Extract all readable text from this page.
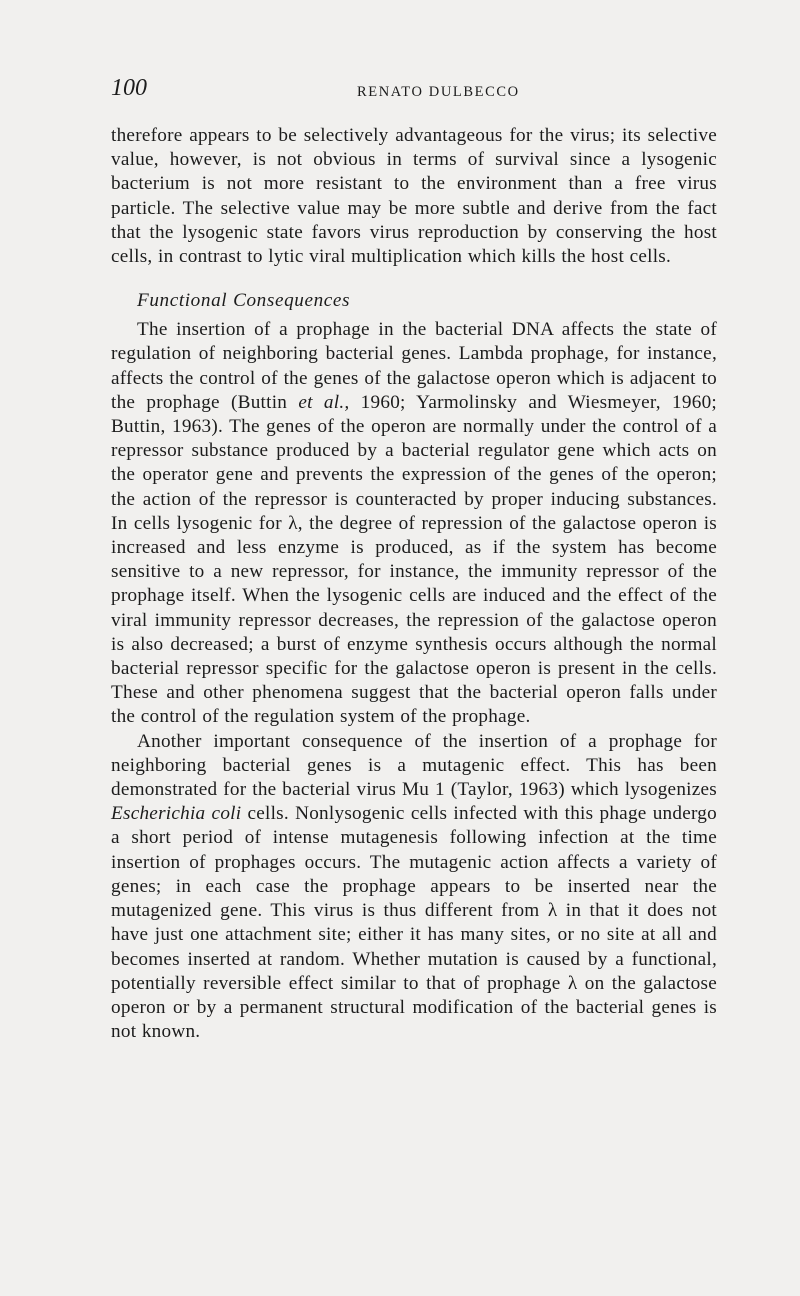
100	RENATO DULBECCO

therefore appears to be selectively advantageous for the virus; its selective value, however, is not obvious in terms of survival since a lysogenic bacterium is not more resistant to the environment than a free virus particle. The selective value may be more subtle and derive from the fact that the lysogenic state favors virus reproduction by conserving the host cells, in contrast to lytic viral multiplication which kills the host cells.

Functional Consequences

The insertion of a prophage in the bacterial DNA affects the state of regulation of neighboring bacterial genes. Lambda prophage, for instance, affects the control of the genes of the galactose operon which is adjacent to the prophage (Buttin et al., 1960; Yarmolinsky and Wiesmeyer, 1960; Buttin, 1963). The genes of the operon are normally under the control of a repressor substance produced by a bacterial regulator gene which acts on the operator gene and prevents the expression of the genes of the operon; the action of the repressor is counteracted by proper inducing substances. In cells lysogenic for λ, the degree of repression of the galactose operon is increased and less enzyme is produced, as if the system has become sensitive to a new repressor, for instance, the immunity repressor of the prophage itself. When the lysogenic cells are induced and the effect of the viral immunity repressor decreases, the repression of the galactose operon is also decreased; a burst of enzyme synthesis occurs although the normal bacterial repressor specific for the galactose operon is present in the cells. These and other phenomena suggest that the bacterial operon falls under the control of the regulation system of the prophage.

Another important consequence of the insertion of a prophage for neighboring bacterial genes is a mutagenic effect. This has been demonstrated for the bacterial virus Mu 1 (Taylor, 1963) which lysogenizes Escherichia coli cells. Nonlysogenic cells infected with this phage undergo a short period of intense mutagenesis following infection at the time insertion of prophages occurs. The mutagenic action affects a variety of genes; in each case the prophage appears to be inserted near the mutagenized gene. This virus is thus different from λ in that it does not have just one attachment site; either it has many sites, or no site at all and becomes inserted at random. Whether mutation is caused by a functional, potentially reversible effect similar to that of prophage λ on the galactose operon or by a permanent structural modification of the bacterial genes is not known.
